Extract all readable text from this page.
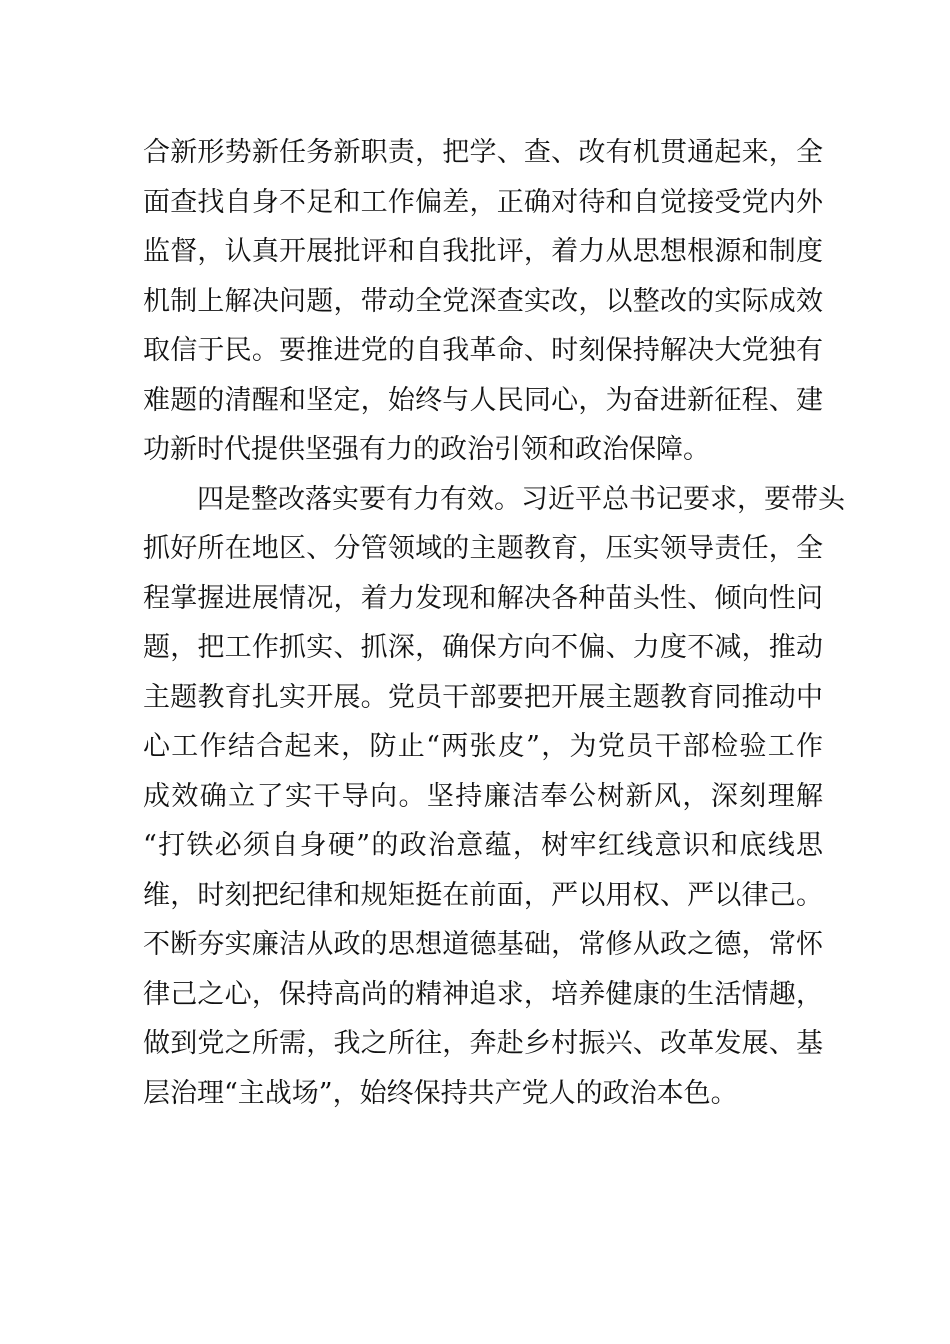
合新形势新任务新职责，把学、查、改有机贯通起来，全
面查找自身不足和工作偏差，正确对待和自觉接受党内外
监督，认真开展批评和自我批评，着力从思想根源和制度
机制上解决问题，带动全党深查实改，以整改的实际成效
取信于民。要推进党的自我革命、时刻保持解决大党独有
难题的清醒和坚定，始终与人民同心，为奋进新征程、建
功新时代提供坚强有力的政治引领和政治保障。
四是整改落实要有力有效。习近平总书记要求，要带头
抓好所在地区、分管领域的主题教育，压实领导责任，全
程掌握进展情况，着力发现和解决各种苗头性、倾向性问
题，把工作抓实、抓深，确保方向不偏、力度不减，推动
主题教育扎实开展。党员干部要把开展主题教育同推动中
心工作结合起来，防止“两张皮”，为党员干部检验工作
成效确立了实干导向。坚持廉洁奉公树新风，深刻理解
“打铁必须自身硬”的政治意蕴，树牢红线意识和底线思
维，时刻把纪律和规矩挺在前面，严以用权、严以律己。
不断夯实廉洁从政的思想道德基础，常修从政之德，常怀
律己之心，保持高尚的精神追求，培养健康的生活情趣，
做到党之所需，我之所往，奔赴乡村振兴、改革发展、基
层治理“主战场”，始终保持共产党人的政治本色。
